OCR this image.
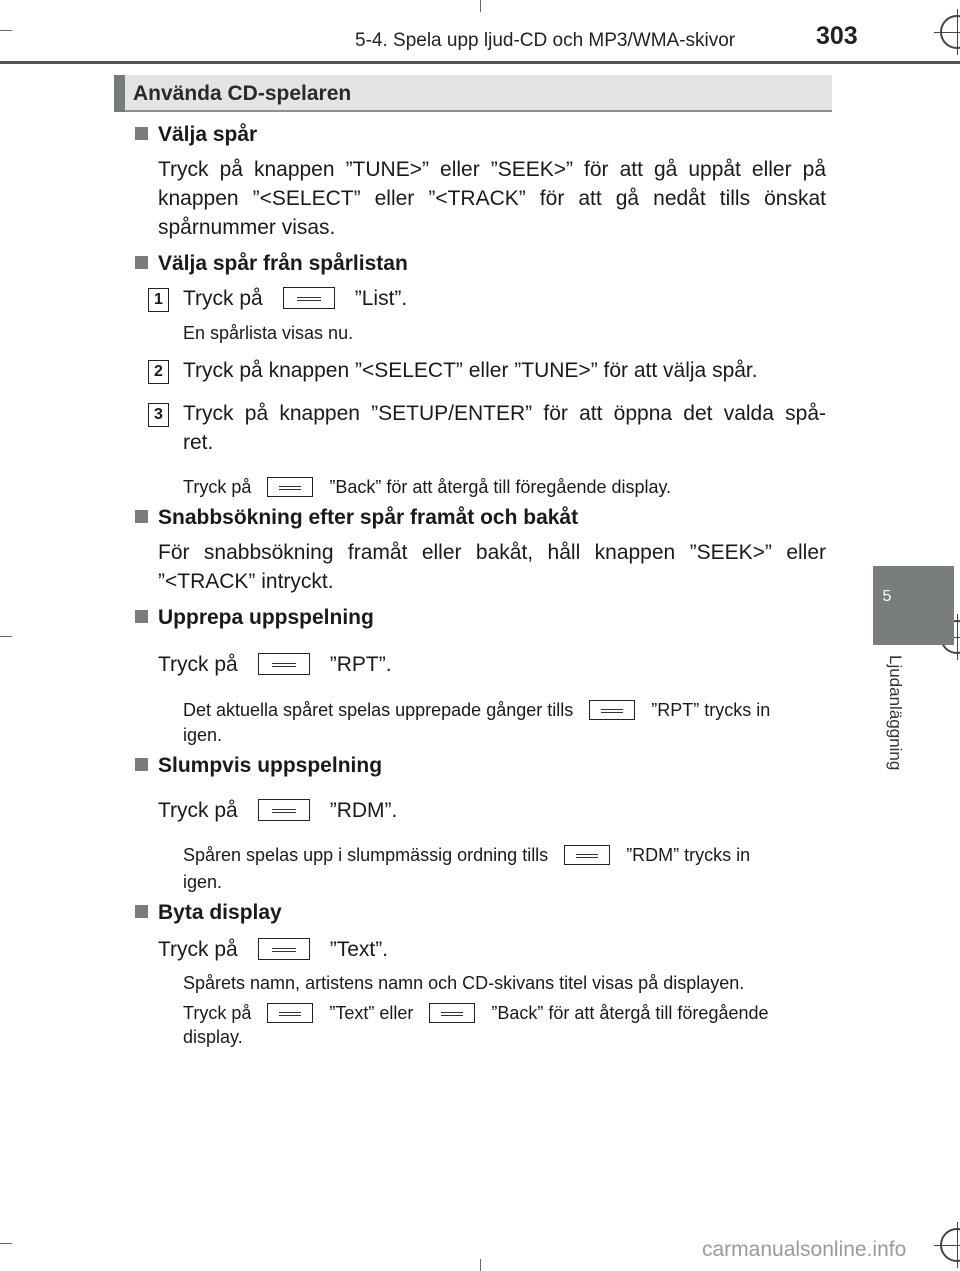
5-4. Spela upp ljud-CD och MP3/WMA-skivor	303
5
Ljudanläggning
Använda CD-spelaren
Välja spår
Tryck på knappen ”TUNE>” eller ”SEEK>” för att gå uppåt eller på
knappen ”<SELECT” eller ”<TRACK” för att gå nedåt tills önskat
spårnummer visas.
Välja spår från spårlistan
1 Tryck på	”List”.
En spårlista visas nu.
2 Tryck på knappen ”<SELECT” eller ”TUNE>” för att välja spår.
3 Tryck på knappen ”SETUP/ENTER” för att öppna det valda spå-
ret.
Tryck på	”Back” för att återgå till föregående display.
Snabbsökning efter spår framåt och bakåt
För snabbsökning framåt eller bakåt, håll knappen ”SEEK>” eller
”<TRACK” intryckt.
Upprepa uppspelning
Tryck på	”RPT”.
Det aktuella spåret spelas upprepade gånger tills	”RPT” trycks in
igen.
Slumpvis uppspelning
Tryck på	”RDM”.
Spåren spelas upp i slumpmässig ordning tills	”RDM” trycks in
igen.
Byta display
Tryck på	”Text”.
Spårets namn, artistens namn och CD-skivans titel visas på displayen.
Tryck på	”Text” eller	”Back” för att återgå till föregående
display.
carmanualsonline.info
